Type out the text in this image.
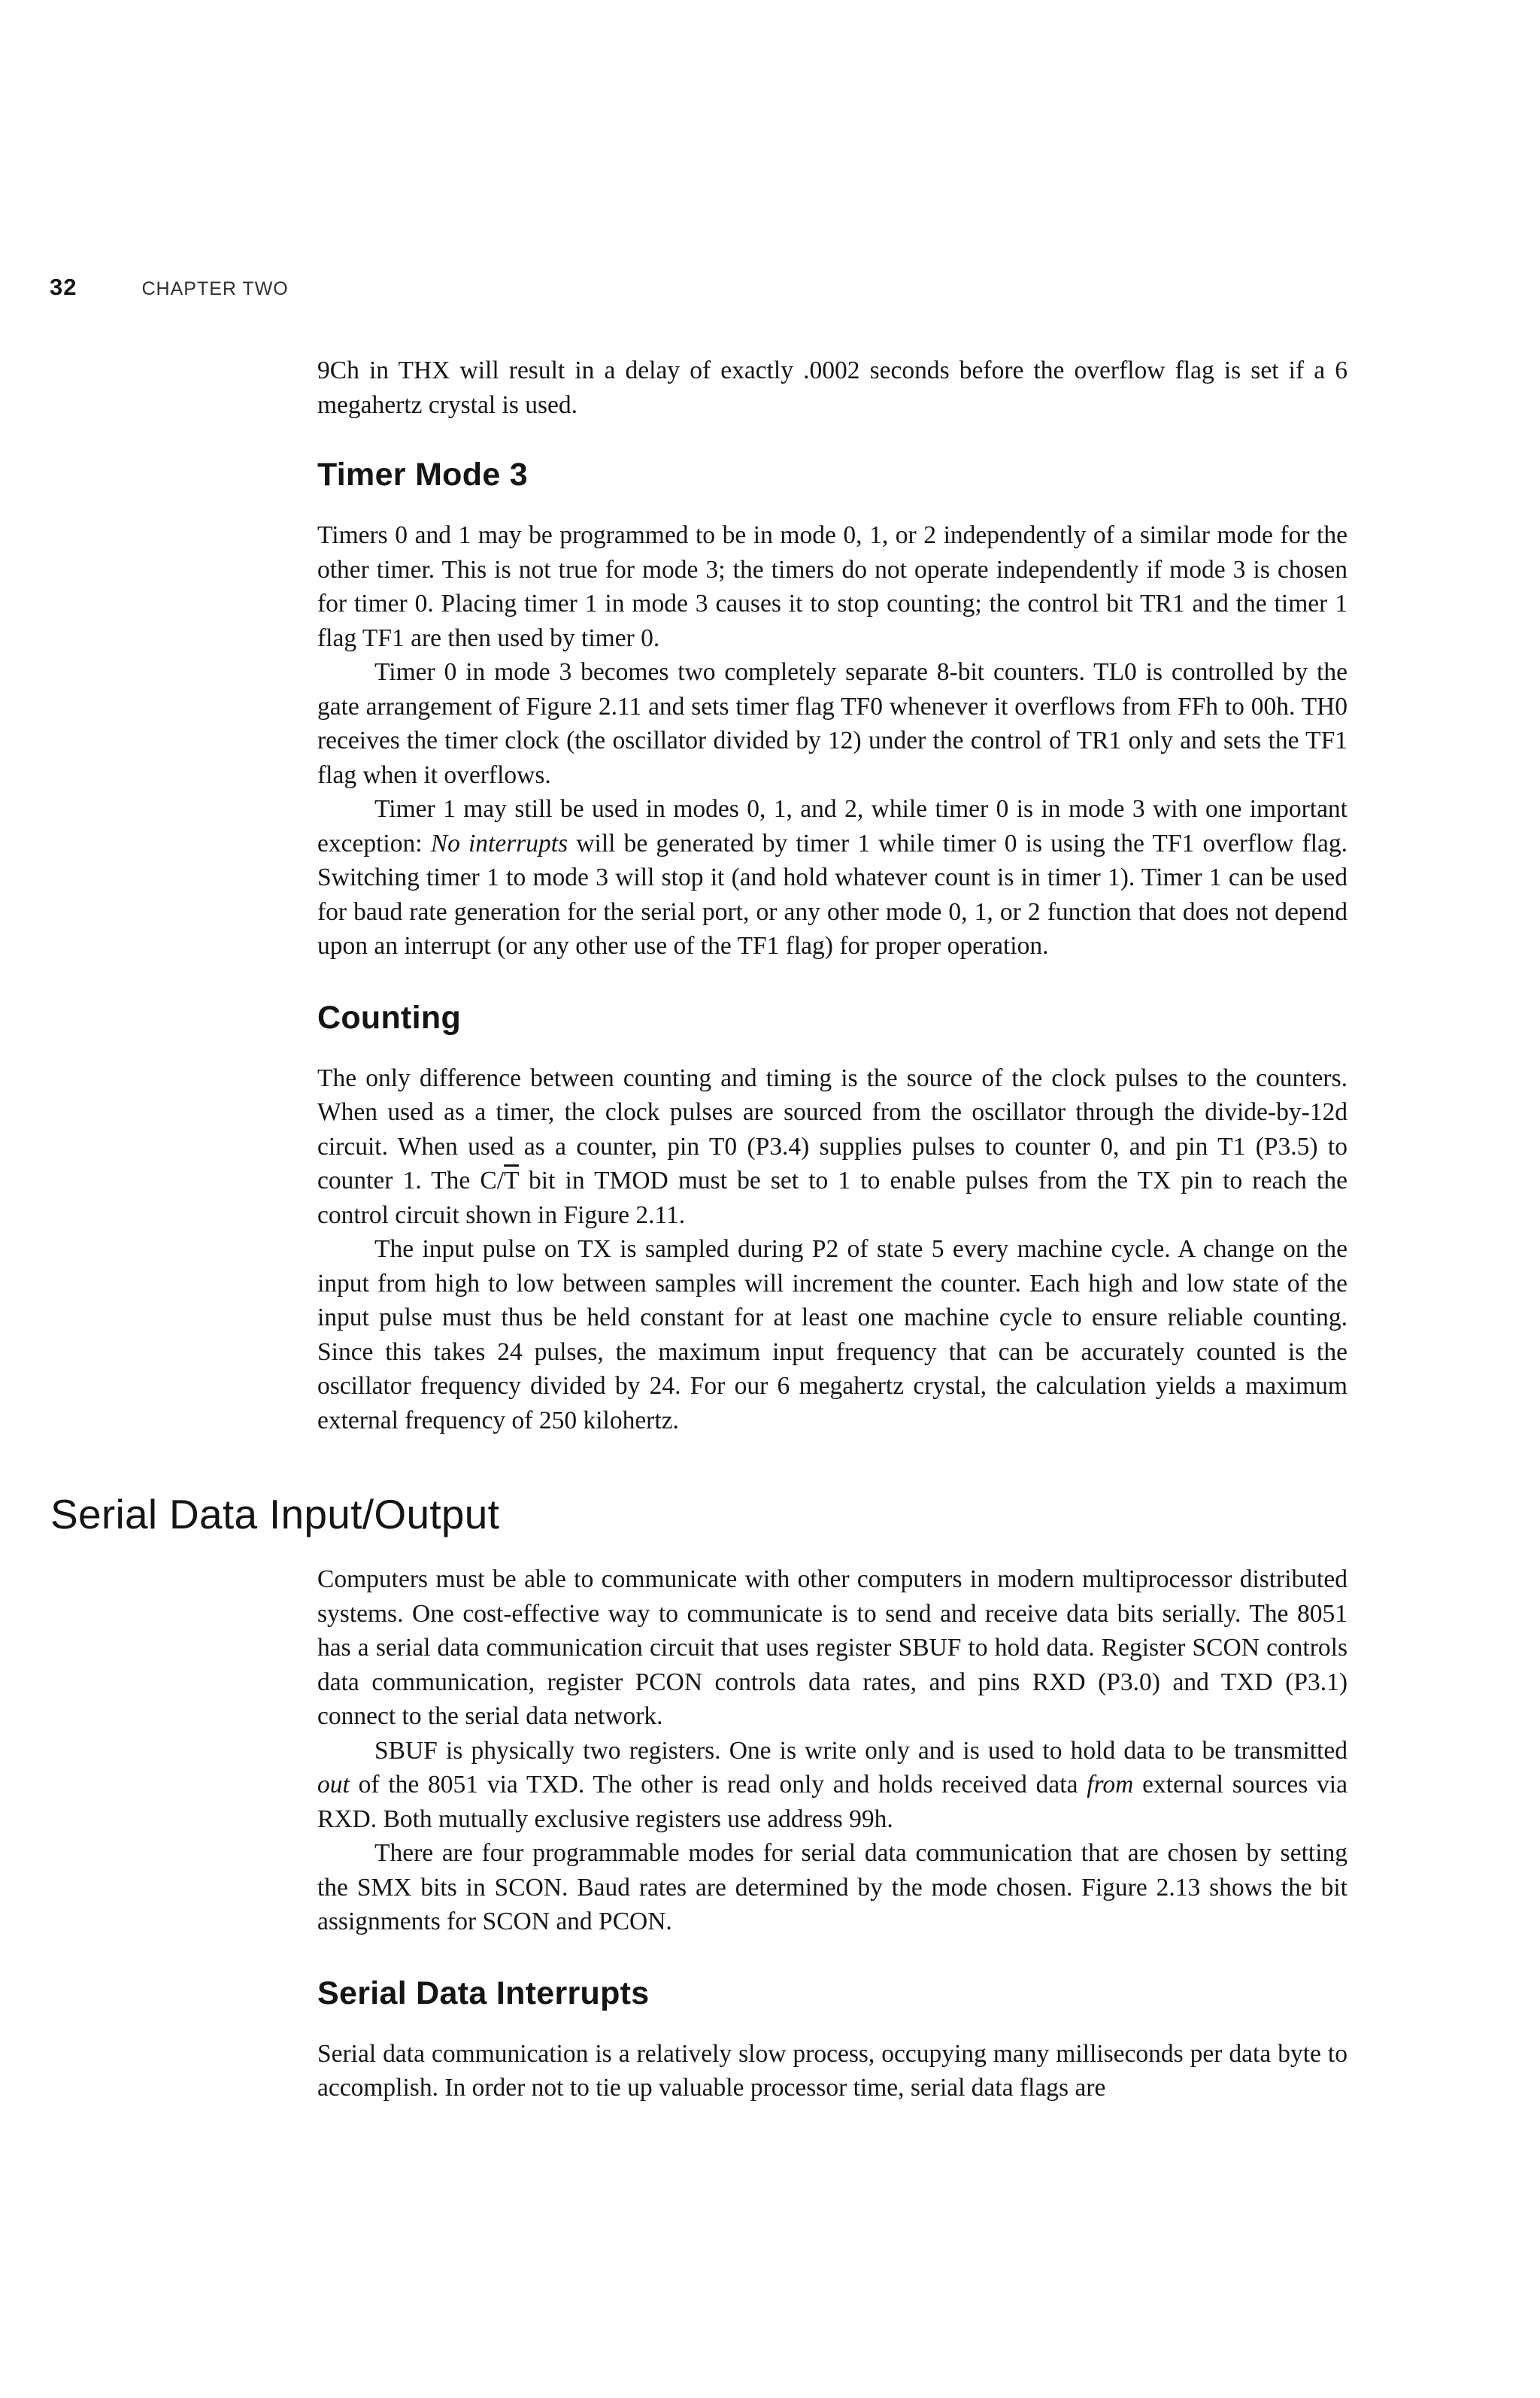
32	CHAPTER TWO

9Ch in THX will result in a delay of exactly .0002 seconds before the overflow flag is set if a 6 megahertz crystal is used.

Timer Mode 3

Timers 0 and 1 may be programmed to be in mode 0, 1, or 2 independently of a similar mode for the other timer. This is not true for mode 3; the timers do not operate independently if mode 3 is chosen for timer 0. Placing timer 1 in mode 3 causes it to stop counting; the control bit TR1 and the timer 1 flag TF1 are then used by timer 0.

Timer 0 in mode 3 becomes two completely separate 8-bit counters. TL0 is controlled by the gate arrangement of Figure 2.11 and sets timer flag TF0 whenever it overflows from FFh to 00h. TH0 receives the timer clock (the oscillator divided by 12) under the control of TR1 only and sets the TF1 flag when it overflows.

Timer 1 may still be used in modes 0, 1, and 2, while timer 0 is in mode 3 with one important exception: No interrupts will be generated by timer 1 while timer 0 is using the TF1 overflow flag. Switching timer 1 to mode 3 will stop it (and hold whatever count is in timer 1). Timer 1 can be used for baud rate generation for the serial port, or any other mode 0, 1, or 2 function that does not depend upon an interrupt (or any other use of the TF1 flag) for proper operation.

Counting

The only difference between counting and timing is the source of the clock pulses to the counters. When used as a timer, the clock pulses are sourced from the oscillator through the divide-by-12d circuit. When used as a counter, pin T0 (P3.4) supplies pulses to counter 0, and pin T1 (P3.5) to counter 1. The $C/\overline{T}$ bit in TMOD must be set to 1 to enable pulses from the TX pin to reach the control circuit shown in Figure 2.11.

The input pulse on TX is sampled during P2 of state 5 every machine cycle. A change on the input from high to low between samples will increment the counter. Each high and low state of the input pulse must thus be held constant for at least one machine cycle to ensure reliable counting. Since this takes 24 pulses, the maximum input frequency that can be accurately counted is the oscillator frequency divided by 24. For our 6 megahertz crystal, the calculation yields a maximum external frequency of 250 kilohertz.

Serial Data Input/Output

Computers must be able to communicate with other computers in modern multiprocessor distributed systems. One cost-effective way to communicate is to send and receive data bits serially. The 8051 has a serial data communication circuit that uses register SBUF to hold data. Register SCON controls data communication, register PCON controls data rates, and pins RXD (P3.0) and TXD (P3.1) connect to the serial data network.

SBUF is physically two registers. One is write only and is used to hold data to be transmitted out of the 8051 via TXD. The other is read only and holds received data from external sources via RXD. Both mutually exclusive registers use address 99h.

There are four programmable modes for serial data communication that are chosen by setting the SMX bits in SCON. Baud rates are determined by the mode chosen. Figure 2.13 shows the bit assignments for SCON and PCON.

Serial Data Interrupts

Serial data communication is a relatively slow process, occupying many milliseconds per data byte to accomplish. In order not to tie up valuable processor time, serial data flags are
